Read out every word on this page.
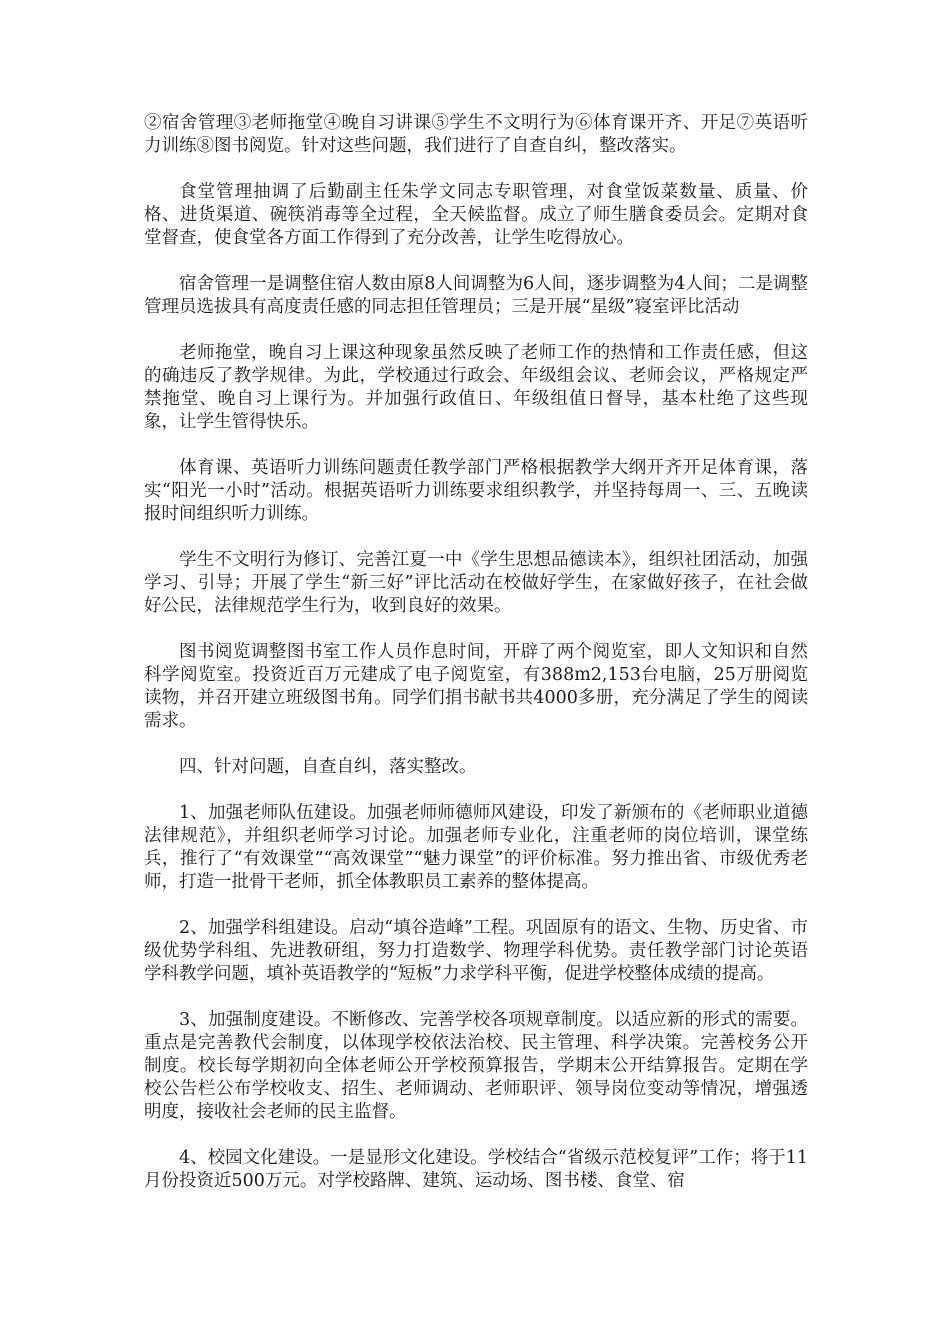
②宿舍管理③老师拖堂④晚自习讲课⑤学生不文明行为⑥体育课开齐、开足⑦英语听力训练⑧图书阅览。针对这些问题，我们进行了自查自纠，整改落实。

食堂管理抽调了后勤副主任朱学文同志专职管理，对食堂饭菜数量、质量、价格、进货渠道、碗筷消毒等全过程，全天候监督。成立了师生膳食委员会。定期对食堂督查，使食堂各方面工作得到了充分改善，让学生吃得放心。

宿舍管理一是调整住宿人数由原8人间调整为6人间，逐步调整为4人间；二是调整管理员选拔具有高度责任感的同志担任管理员；三是开展“星级”寝室评比活动

老师拖堂，晚自习上课这种现象虽然反映了老师工作的热情和工作责任感，但这的确违反了教学规律。为此，学校通过行政会、年级组会议、老师会议，严格规定严禁拖堂、晚自习上课行为。并加强行政值日、年级组值日督导，基本杜绝了这些现象，让学生管得快乐。

体育课、英语听力训练问题责任教学部门严格根据教学大纲开齐开足体育课，落实“阳光一小时”活动。根据英语听力训练要求组织教学，并坚持每周一、三、五晚读报时间组织听力训练。

学生不文明行为修订、完善江夏一中《学生思想品德读本》，组织社团活动，加强学习、引导；开展了学生“新三好”评比活动在校做好学生，在家做好孩子，在社会做好公民，法律规范学生行为，收到良好的效果。

图书阅览调整图书室工作人员作息时间，开辟了两个阅览室，即人文知识和自然科学阅览室。投资近百万元建成了电子阅览室，有388m2,153台电脑，25万册阅览读物，并召开建立班级图书角。同学们捐书献书共4000多册，充分满足了学生的阅读需求。

四、针对问题，自查自纠，落实整改。

1、加强老师队伍建设。加强老师师德师风建设，印发了新颁布的《老师职业道德法律规范》，并组织老师学习讨论。加强老师专业化，注重老师的岗位培训，课堂练兵，推行了“有效课堂”“高效课堂”“魅力课堂”的评价标准。努力推出省、市级优秀老师，打造一批骨干老师，抓全体教职员工素养的整体提高。

2、加强学科组建设。启动“填谷造峰”工程。巩固原有的语文、生物、历史省、市级优势学科组、先进教研组，努力打造数学、物理学科优势。责任教学部门讨论英语学科教学问题，填补英语教学的“短板”力求学科平衡，促进学校整体成绩的提高。

3、加强制度建设。不断修改、完善学校各项规章制度。以适应新的形式的需要。重点是完善教代会制度，以体现学校依法治校、民主管理、科学决策。完善校务公开制度。校长每学期初向全体老师公开学校预算报告，学期末公开结算报告。定期在学校公告栏公布学校收支、招生、老师调动、老师职评、领导岗位变动等情况，增强透明度，接收社会老师的民主监督。

4、校园文化建设。一是显形文化建设。学校结合“省级示范校复评”工作；将于11月份投资近500万元。对学校路牌、建筑、运动场、图书楼、食堂、宿
